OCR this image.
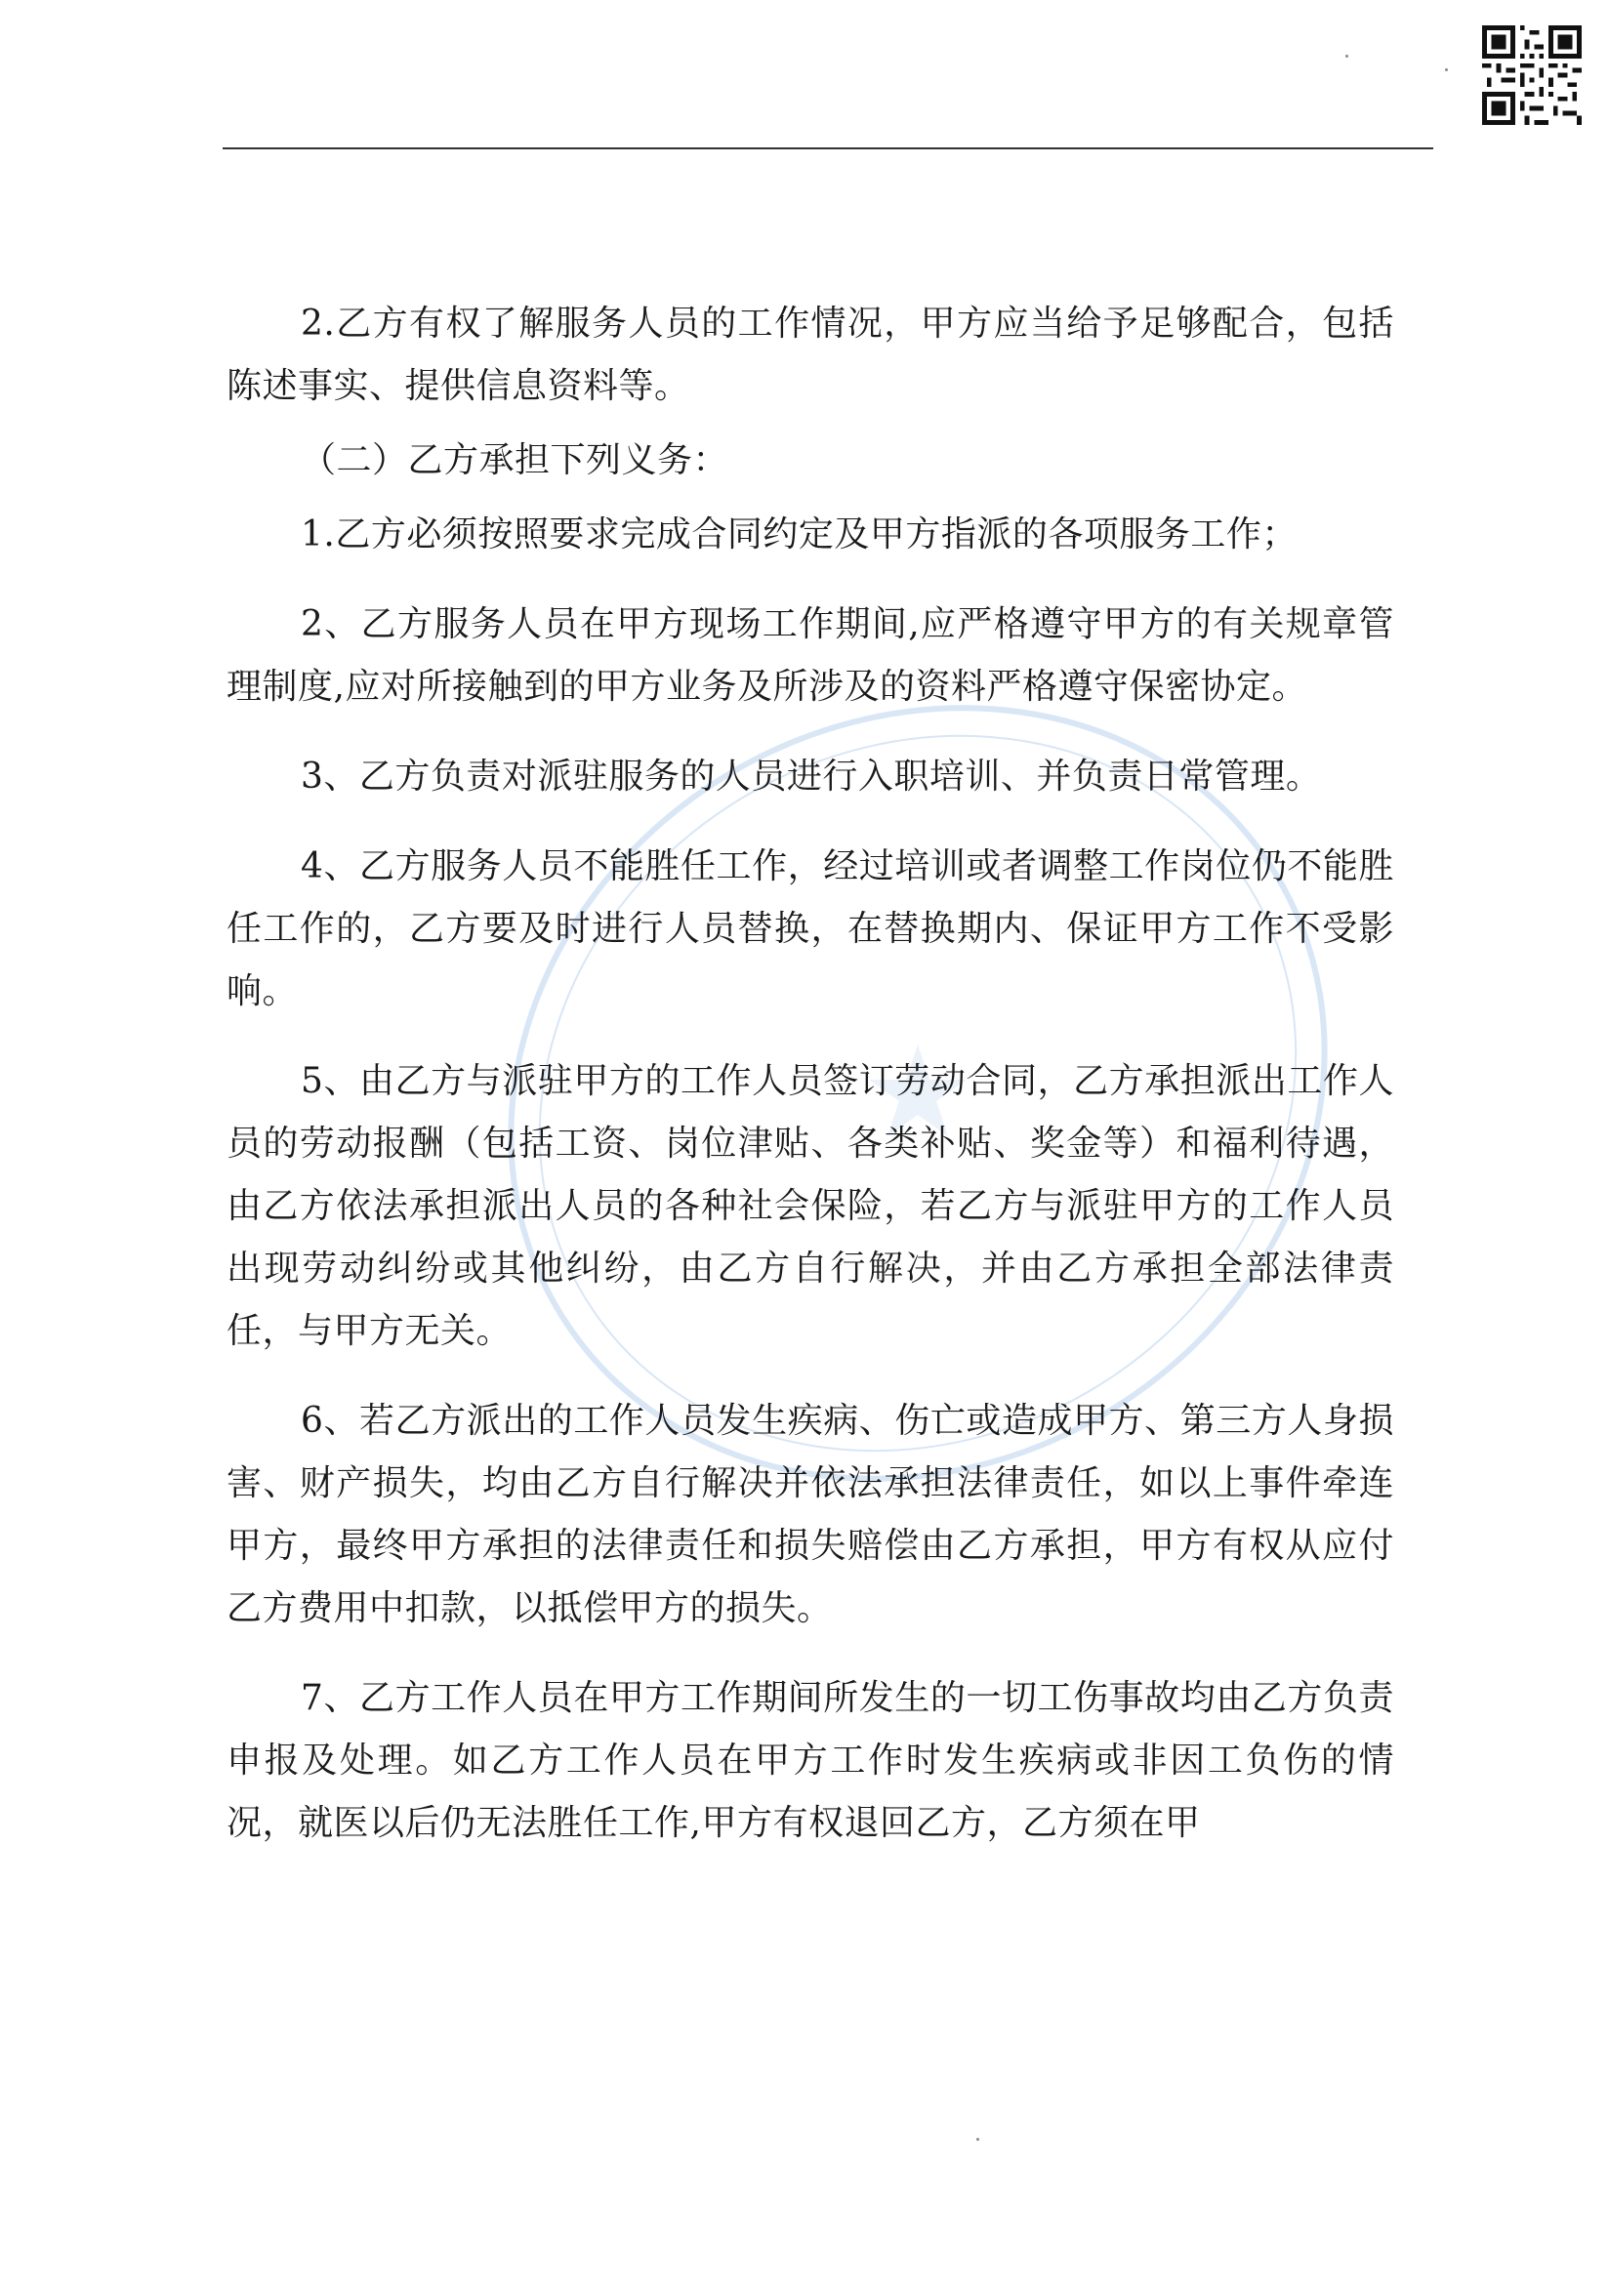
2.乙方有权了解服务人员的工作情况，甲方应当给予足够配合，包括陈述事实、提供信息资料等。

（二）乙方承担下列义务：

1.乙方必须按照要求完成合同约定及甲方指派的各项服务工作；

2、乙方服务人员在甲方现场工作期间,应严格遵守甲方的有关规章管理制度,应对所接触到的甲方业务及所涉及的资料严格遵守保密协定。

3、乙方负责对派驻服务的人员进行入职培训、并负责日常管理。

4、乙方服务人员不能胜任工作，经过培训或者调整工作岗位仍不能胜任工作的，乙方要及时进行人员替换，在替换期内、保证甲方工作不受影响。

5、由乙方与派驻甲方的工作人员签订劳动合同，乙方承担派出工作人员的劳动报酬（包括工资、岗位津贴、各类补贴、奖金等）和福利待遇，由乙方依法承担派出人员的各种社会保险，若乙方与派驻甲方的工作人员出现劳动纠纷或其他纠纷，由乙方自行解决，并由乙方承担全部法律责任，与甲方无关。

6、若乙方派出的工作人员发生疾病、伤亡或造成甲方、第三方人身损害、财产损失，均由乙方自行解决并依法承担法律责任，如以上事件牵连甲方，最终甲方承担的法律责任和损失赔偿由乙方承担，甲方有权从应付乙方费用中扣款，以抵偿甲方的损失。

7、乙方工作人员在甲方工作期间所发生的一切工伤事故均由乙方负责申报及处理。如乙方工作人员在甲方工作时发生疾病或非因工负伤的情况，就医以后仍无法胜任工作,甲方有权退回乙方，乙方须在甲
